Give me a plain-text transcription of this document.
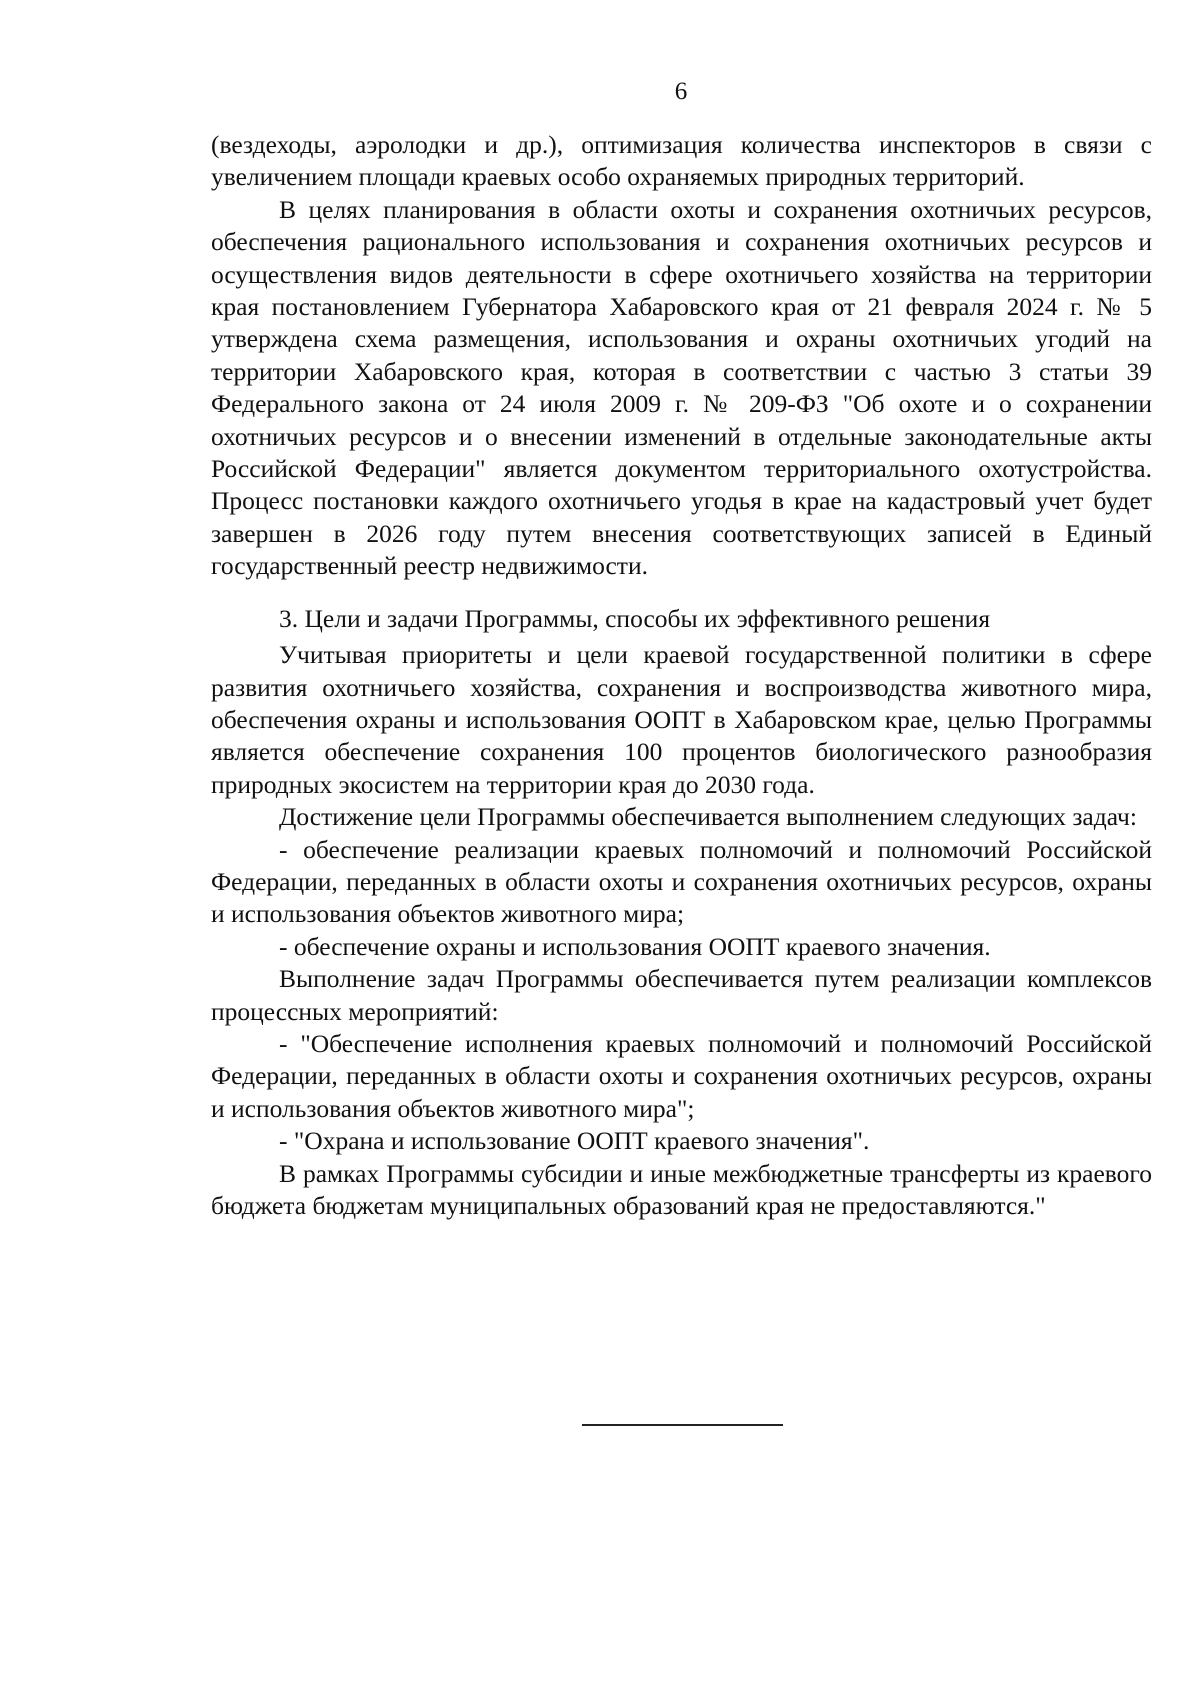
6

(вездеходы, аэролодки и др.), оптимизация количества инспекторов в связи с увеличением площади краевых особо охраняемых природных территорий.

В целях планирования в области охоты и сохранения охотничьих ресурсов, обеспечения рационального использования и сохранения охотничьих ресурсов и осуществления видов деятельности в сфере охотничьего хозяйства на территории края постановлением Губернатора Хабаровского края от 21 февраля 2024 г. № 5 утверждена схема размещения, использования и охраны охотничьих угодий на территории Хабаровского края, которая в соответствии с частью 3 статьи 39 Федерального закона от 24 июля 2009 г. № 209-ФЗ "Об охоте и о сохранении охотничьих ресурсов и о внесении изменений в отдельные законодательные акты Российской Федерации" является документом территориального охотустройства. Процесс постановки каждого охотничьего угодья в крае на кадастровый учет будет завершен в 2026 году путем внесения соответствующих записей в Единый государственный реестр недвижимости.

3. Цели и задачи Программы, способы их эффективного решения

Учитывая приоритеты и цели краевой государственной политики в сфере развития охотничьего хозяйства, сохранения и воспроизводства животного мира, обеспечения охраны и использования ООПТ в Хабаровском крае, целью Программы является обеспечение сохранения 100 процентов биологического разнообразия природных экосистем на территории края до 2030 года.

Достижение цели Программы обеспечивается выполнением следующих задач:

- обеспечение реализации краевых полномочий и полномочий Российской Федерации, переданных в области охоты и сохранения охотничьих ресурсов, охраны и использования объектов животного мира;

- обеспечение охраны и использования ООПТ краевого значения.

Выполнение задач Программы обеспечивается путем реализации комплексов процессных мероприятий:

- "Обеспечение исполнения краевых полномочий и полномочий Российской Федерации, переданных в области охоты и сохранения охотничьих ресурсов, охраны и использования объектов животного мира";

- "Охрана и использование ООПТ краевого значения".

В рамках Программы субсидии и иные межбюджетные трансферты из краевого бюджета бюджетам муниципальных образований края не предоставляются."
